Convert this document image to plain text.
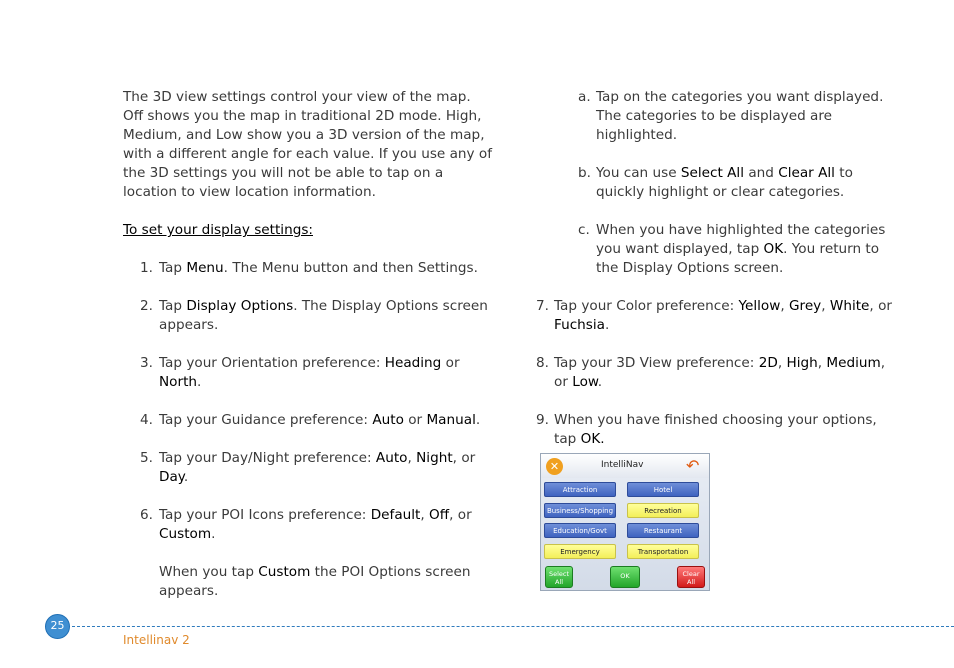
The 3D view settings control your view of the map. Off shows you the map in traditional 2D mode. High, Medium, and Low show you a 3D version of the map, with a different angle for each value. If you use any of the 3D settings you will not be able to tap on a location to view location information.

To set your display settings:

1. Tap Menu. The Menu button and then Settings.

2. Tap Display Options. The Display Options screen appears.

3. Tap your Orientation preference: Heading or North.

4. Tap your Guidance preference: Auto or Manual.

5. Tap your Day/Night preference: Auto, Night, or Day.

6. Tap your POI Icons preference: Default, Off, or Custom.

When you tap Custom the POI Options screen appears.

a. Tap on the categories you want displayed. The categories to be displayed are highlighted.

b. You can use Select All and Clear All to quickly highlight or clear categories.

c. When you have highlighted the categories you want displayed, tap OK. You return to the Display Options screen.

7. Tap your Color preference: Yellow, Grey, White, or Fuchsia.

8. Tap your 3D View preference: 2D, High, Medium, or Low.

9. When you have finished choosing your options, tap OK.

✕	IntelliNav	↶
Attraction	Hotel
Business/Shopping	Recreation
Education/Govt	Restaurant
Emergency	Transportation
Select All
OK	Clear All
25
Intellinav 2
